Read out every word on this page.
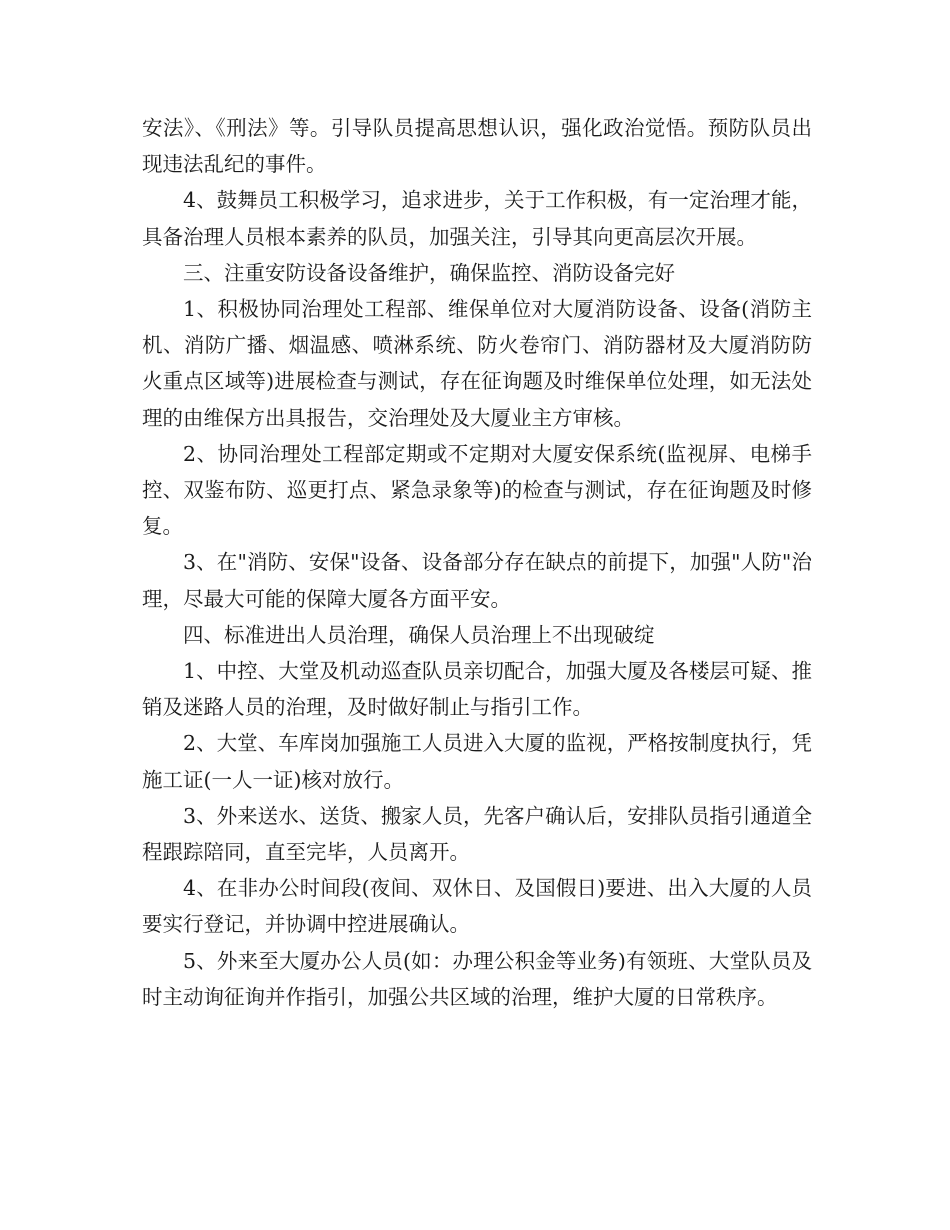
安法》、《刑法》等。引导队员提高思想认识，强化政治觉悟。预防队员出现违法乱纪的事件。

4、鼓舞员工积极学习，追求进步，关于工作积极，有一定治理才能，具备治理人员根本素养的队员，加强关注，引导其向更高层次开展。

三、注重安防设备设备维护，确保监控、消防设备完好

1、积极协同治理处工程部、维保单位对大厦消防设备、设备(消防主机、消防广播、烟温感、喷淋系统、防火卷帘门、消防器材及大厦消防防火重点区域等)进展检查与测试，存在征询题及时维保单位处理，如无法处理的由维保方出具报告，交治理处及大厦业主方审核。

2、协同治理处工程部定期或不定期对大厦安保系统(监视屏、电梯手控、双鉴布防、巡更打点、紧急录象等)的检查与测试，存在征询题及时修复。

3、在"消防、安保"设备、设备部分存在缺点的前提下，加强"人防"治理，尽最大可能的保障大厦各方面平安。

四、标准进出人员治理，确保人员治理上不出现破绽

1、中控、大堂及机动巡查队员亲切配合，加强大厦及各楼层可疑、推销及迷路人员的治理，及时做好制止与指引工作。

2、大堂、车库岗加强施工人员进入大厦的监视，严格按制度执行，凭施工证(一人一证)核对放行。

3、外来送水、送货、搬家人员，先客户确认后，安排队员指引通道全程跟踪陪同，直至完毕，人员离开。

4、在非办公时间段(夜间、双休日、及国假日)要进、出入大厦的人员要实行登记，并协调中控进展确认。

5、外来至大厦办公人员(如：办理公积金等业务)有领班、大堂队员及时主动询征询并作指引，加强公共区域的治理，维护大厦的日常秩序。
